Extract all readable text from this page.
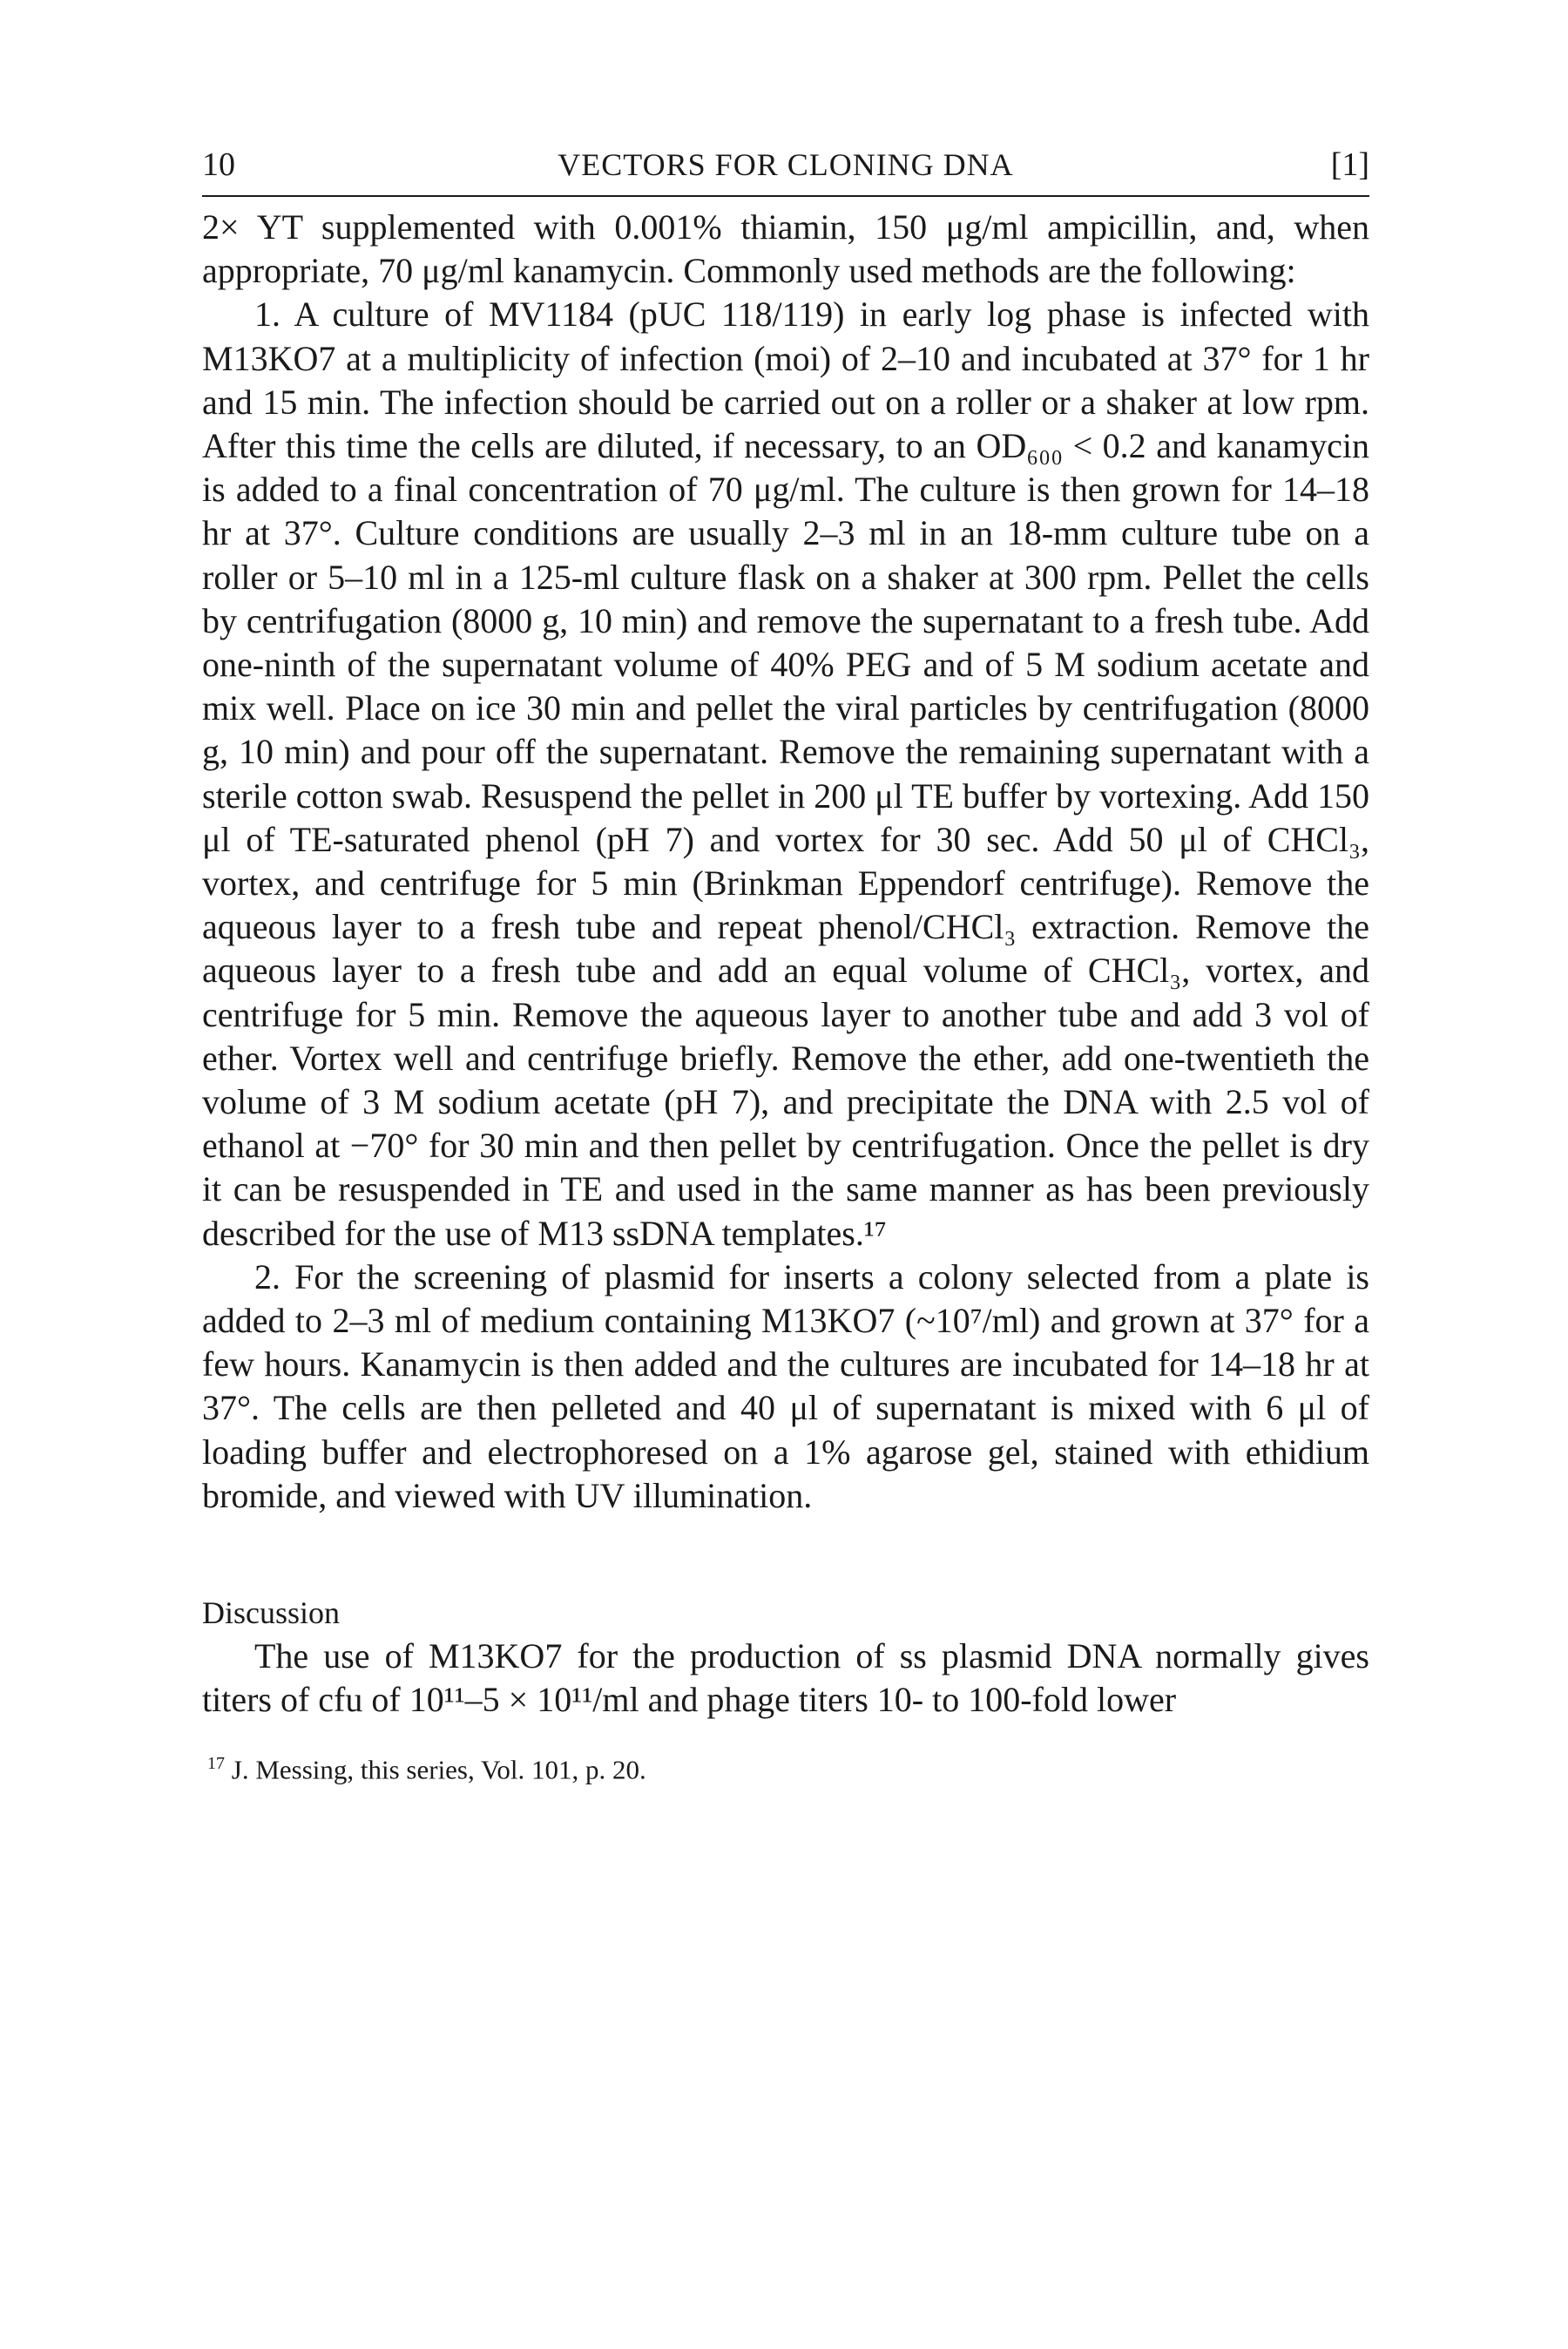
10	VECTORS FOR CLONING DNA	[1]

2× YT supplemented with 0.001% thiamin, 150 μg/ml ampicillin, and, when appropriate, 70 μg/ml kanamycin. Commonly used methods are the following:

1. A culture of MV1184 (pUC 118/119) in early log phase is infected with M13KO7 at a multiplicity of infection (moi) of 2–10 and incubated at 37° for 1 hr and 15 min. The infection should be carried out on a roller or a shaker at low rpm. After this time the cells are diluted, if necessary, to an OD₆₀₀ < 0.2 and kanamycin is added to a final concentration of 70 μg/ml. The culture is then grown for 14–18 hr at 37°. Culture conditions are usually 2–3 ml in an 18-mm culture tube on a roller or 5–10 ml in a 125-ml culture flask on a shaker at 300 rpm. Pellet the cells by centrifugation (8000 g, 10 min) and remove the supernatant to a fresh tube. Add one-ninth of the supernatant volume of 40% PEG and of 5 M sodium acetate and mix well. Place on ice 30 min and pellet the viral particles by centrifugation (8000 g, 10 min) and pour off the supernatant. Remove the remaining supernatant with a sterile cotton swab. Resuspend the pellet in 200 μl TE buffer by vortexing. Add 150 μl of TE-saturated phenol (pH 7) and vortex for 30 sec. Add 50 μl of CHCl₃, vortex, and centrifuge for 5 min (Brinkman Eppendorf centrifuge). Remove the aqueous layer to a fresh tube and repeat phenol/CHCl₃ extraction. Remove the aqueous layer to a fresh tube and add an equal volume of CHCl₃, vortex, and centrifuge for 5 min. Remove the aqueous layer to another tube and add 3 vol of ether. Vortex well and centrifuge briefly. Remove the ether, add one-twentieth the volume of 3 M sodium acetate (pH 7), and precipitate the DNA with 2.5 vol of ethanol at −70° for 30 min and then pellet by centrifugation. Once the pellet is dry it can be resuspended in TE and used in the same manner as has been previously described for the use of M13 ssDNA templates.¹⁷

2. For the screening of plasmid for inserts a colony selected from a plate is added to 2–3 ml of medium containing M13KO7 (~10⁷/ml) and grown at 37° for a few hours. Kanamycin is then added and the cultures are incubated for 14–18 hr at 37°. The cells are then pelleted and 40 μl of supernatant is mixed with 6 μl of loading buffer and electrophoresed on a 1% agarose gel, stained with ethidium bromide, and viewed with UV illumination.

Discussion

The use of M13KO7 for the production of ss plasmid DNA normally gives titers of cfu of 10¹¹–5 × 10¹¹/ml and phage titers 10- to 100-fold lower

$^{17}$ J. Messing, this series, Vol. 101, p. 20.
